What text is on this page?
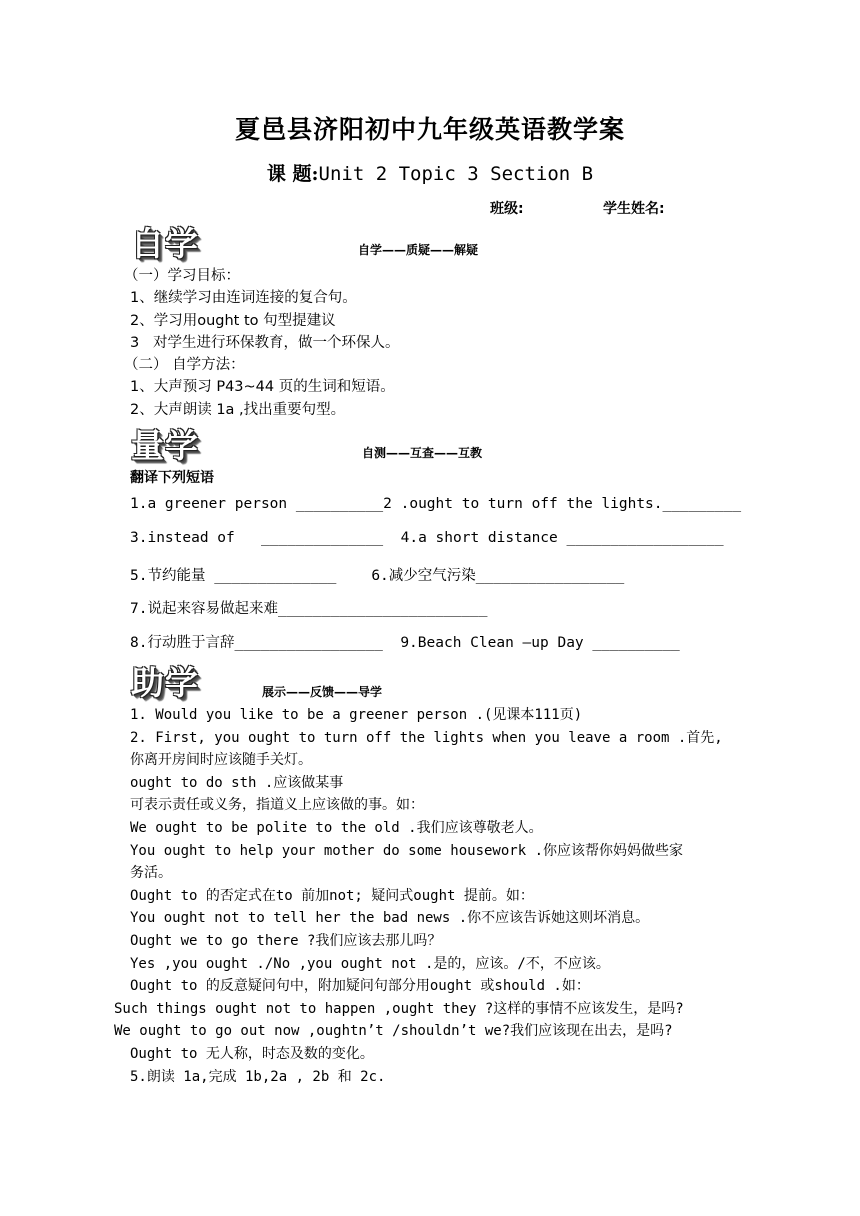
夏邑县济阳初中九年级英语教学案
课 题:Unit 2 Topic 3 Section B
班级:	学生姓名:
自学	自学——质疑——解疑
（一）学习目标：
1、继续学习由连词连接的复合句。
2、学习用ought to 句型提建议
3   对学生进行环保教育，做一个环保人。
（二） 自学方法：
1、大声预习 P43~44 页的生词和短语。
2、大声朗读 1a ,找出重要句型。
量学	自测——互查——互教
翻译下列短语
1.a greener person __________2 .ought to turn off the lights._________
3.instead of   ______________  4.a short distance __________________
5.节约能量 ______________    6.减少空气污染_________________
7.说起来容易做起来难________________________
8.行动胜于言辞_________________  9.Beach Clean –up Day __________
助学	展示——反馈——导学
1. Would you like to be a greener person .(见课本111页)
2. First, you ought to turn off the lights when you leave a room .首先,
你离开房间时应该随手关灯。
ought to do sth .应该做某事
可表示责任或义务，指道义上应该做的事。如：
We ought to be polite to the old .我们应该尊敬老人。
You ought to help your mother do some housework .你应该帮你妈妈做些家
务活。
Ought to 的否定式在to 前加not; 疑问式ought 提前。如：
You ought not to tell her the bad news .你不应该告诉她这则坏消息。
Ought we to go there ?我们应该去那儿吗？
Yes ,you ought ./No ,you ought not .是的，应该。/不，不应该。
Ought to 的反意疑问句中，附加疑问句部分用ought 或should .如：
Such things ought not to happen ,ought they ?这样的事情不应该发生，是吗?
We ought to go out now ,oughtn’t /shouldn’t we?我们应该现在出去，是吗?
Ought to 无人称，时态及数的变化。
5.朗读 1a,完成 1b,2a , 2b 和 2c.
